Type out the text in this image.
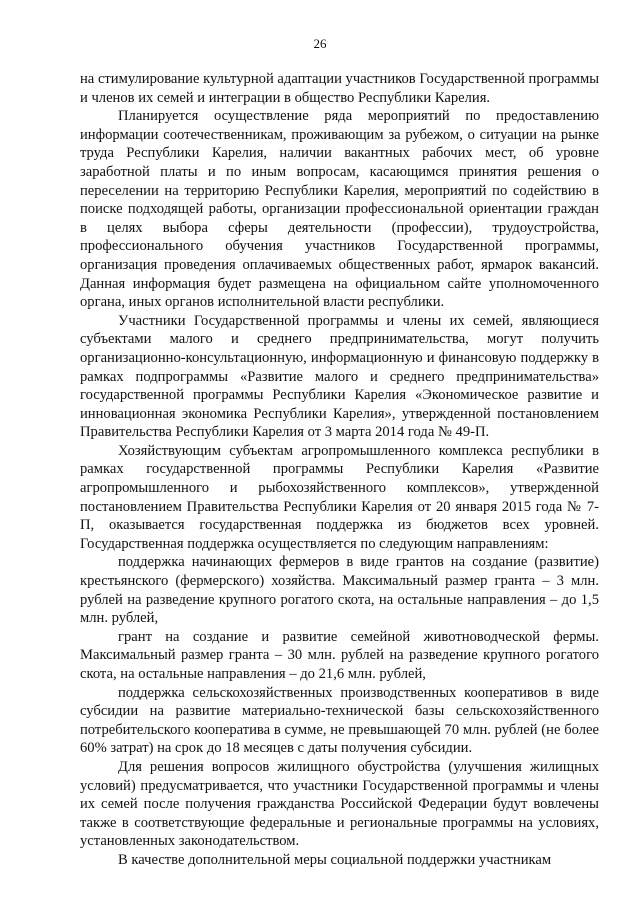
26

на стимулирование культурной адаптации участников Государственной программы и членов их семей и интеграции в общество Республики Карелия.

Планируется осуществление ряда мероприятий по предоставлению информации соотечественникам, проживающим за рубежом, о ситуации на рынке труда Республики Карелия, наличии вакантных рабочих мест, об уровне заработной платы и по иным вопросам, касающимся принятия решения о переселении на территорию Республики Карелия, мероприятий по содействию в поиске подходящей работы, организации профессиональной ориентации граждан в целях выбора сферы деятельности (профессии), трудоустройства, профессионального обучения участников Государственной программы, организация проведения оплачиваемых общественных работ, ярмарок вакансий. Данная информация будет размещена на официальном сайте уполномоченного органа, иных органов исполнительной власти республики.

Участники Государственной программы и члены их семей, являющиеся субъектами малого и среднего предпринимательства, могут получить организационно-консультационную, информационную и финансовую поддержку в рамках подпрограммы «Развитие малого и среднего предпринимательства» государственной программы Республики Карелия «Экономическое развитие и инновационная экономика Республики Карелия», утвержденной постановлением Правительства Республики Карелия от 3 марта 2014 года № 49-П.

Хозяйствующим субъектам агропромышленного комплекса республики в рамках государственной программы Республики Карелия «Развитие агропромышленного и рыбохозяйственного комплексов», утвержденной постановлением Правительства Республики Карелия от 20 января 2015 года № 7-П, оказывается государственная поддержка из бюджетов всех уровней. Государственная поддержка осуществляется по следующим направлениям:

поддержка начинающих фермеров в виде грантов на создание (развитие) крестьянского (фермерского) хозяйства. Максимальный размер гранта – 3 млн. рублей на разведение крупного рогатого скота, на остальные направления – до 1,5 млн. рублей,

грант на создание и развитие семейной животноводческой фермы. Максимальный размер гранта – 30 млн. рублей на разведение крупного рогатого скота, на остальные направления – до 21,6 млн. рублей,

поддержка сельскохозяйственных производственных кооперативов в виде субсидии на развитие материально-технической базы сельскохозяйственного потребительского кооператива в сумме, не превышающей 70 млн. рублей (не более 60% затрат) на срок до 18 месяцев с даты получения субсидии.

Для решения вопросов жилищного обустройства (улучшения жилищных условий) предусматривается, что участники Государственной программы и члены их семей после получения гражданства Российской Федерации будут вовлечены также в соответствующие федеральные и региональные программы на условиях, установленных законодательством.

В качестве дополнительной меры социальной поддержки участникам
